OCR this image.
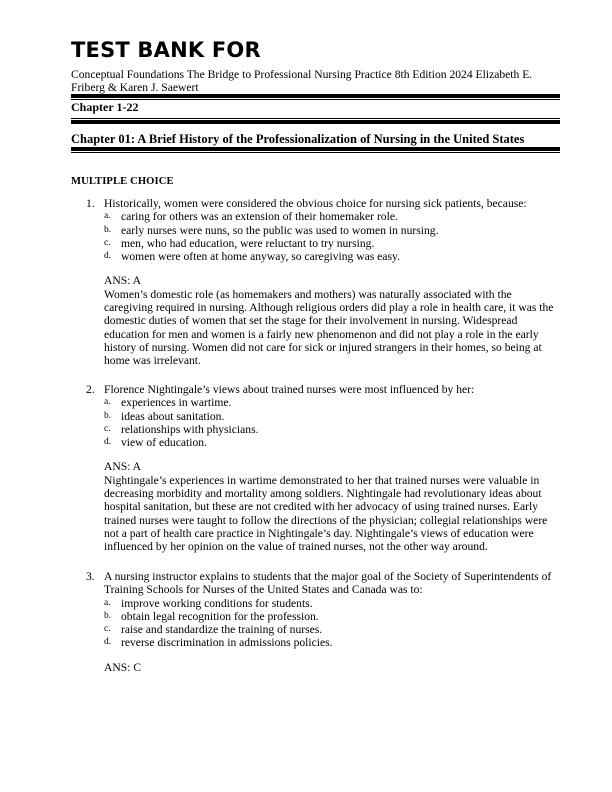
TEST BANK FOR

Conceptual Foundations The Bridge to Professional Nursing Practice 8th Edition 2024 Elizabeth E. Friberg & Karen J. Saewert

Chapter 1-22

Chapter 01: A Brief History of the Professionalization of Nursing in the United States

MULTIPLE CHOICE

1. Historically, women were considered the obvious choice for nursing sick patients, because:

a. caring for others was an extension of their homemaker role.
b. early nurses were nuns, so the public was used to women in nursing.
c. men, who had education, were reluctant to try nursing.
d. women were often at home anyway, so caregiving was easy.

ANS: A

Women’s domestic role (as homemakers and mothers) was naturally associated with the caregiving required in nursing. Although religious orders did play a role in health care, it was the domestic duties of women that set the stage for their involvement in nursing. Widespread education for men and women is a fairly new phenomenon and did not play a role in the early history of nursing. Women did not care for sick or injured strangers in their homes, so being at home was irrelevant.

2. Florence Nightingale’s views about trained nurses were most influenced by her:

a. experiences in wartime.
b. ideas about sanitation.
c. relationships with physicians.
d. view of education.

ANS: A

Nightingale’s experiences in wartime demonstrated to her that trained nurses were valuable in decreasing morbidity and mortality among soldiers. Nightingale had revolutionary ideas about hospital sanitation, but these are not credited with her advocacy of using trained nurses. Early trained nurses were taught to follow the directions of the physician; collegial relationships were not a part of health care practice in Nightingale’s day. Nightingale’s views of education were influenced by her opinion on the value of trained nurses, not the other way around.

3. A nursing instructor explains to students that the major goal of the Society of Superintendents of Training Schools for Nurses of the United States and Canada was to:

a. improve working conditions for students.
b. obtain legal recognition for the profession.
c. raise and standardize the training of nurses.
d. reverse discrimination in admissions policies.

ANS: C
